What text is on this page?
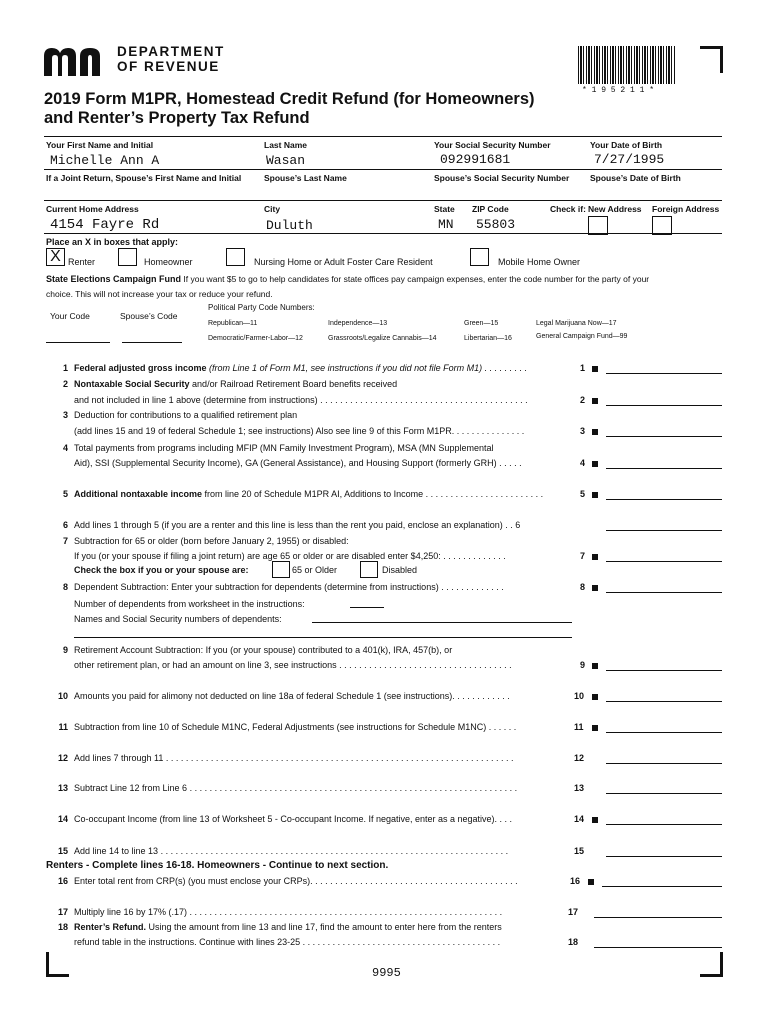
DEPARTMENT
OF REVENUE
* 1 9 5 2 1 1 *
2019 Form M1PR, Homestead Credit Refund (for Homeowners)
and Renter’s Property Tax Refund
Your First Name and Initial	Last Name	Your Social Security Number	Your Date of Birth
Michelle Ann A	Wasan	092991681	7/27/1995
If a Joint Return, Spouse’s First Name and Initial	Spouse’s Last Name	Spouse’s Social Security Number Spouse’s Date of Birth
Current Home Address	City	State ZIP Code	Check if: New Address Foreign Address
4154 Fayre Rd	Duluth	MN 55803
Place an X in boxes that apply:
X Renter	Homeowner	Nursing Home or Adult Foster Care Resident	Mobile Home Owner
State Elections Campaign Fund If you want $5 to go to help candidates for state offices pay campaign expenses, enter the code number for the party of your
choice. This will not increase your tax or reduce your refund.
Political Party Code Numbers:
Your Code	Spouse’s Code
Republican—11	Independence—13	Green—15	Legal Marijuana Now—17
Democratic/Farmer-Labor—12	Grassroots/Legalize Cannabis—14	Libertarian—16	General Campaign Fund—99
1 Federal adjusted gross income (from Line 1 of Form M1, see instructions if you did not file Form M1) . . . . . . . . .	1
2 Nontaxable Social Security and/or Railroad Retirement Board benefits received
and not included in line 1 above (determine from instructions) . . . . . . . . . . . . . . . . . . . . . . . . . . . . . . . . . . . . . . . . . .	2
3 Deduction for contributions to a qualified retirement plan
(add lines 15 and 19 of federal Schedule 1; see instructions) Also see line 9 of this Form M1PR. . . . . . . . . . . . . . .	3
4 Total payments from programs including MFIP (MN Family Investment Program), MSA (MN Supplemental
Aid), SSI (Supplemental Security Income), GA (General Assistance), and Housing Support (formerly GRH) . . . . .	4
5 Additional nontaxable income from line 20 of Schedule M1PR AI, Additions to Income . . . . . . . . . . . . . . . . . . . . . . . .	5
6 Add lines 1 through 5 (if you are a renter and this line is less than the rent you paid, enclose an explanation) . . 6
7 Subtraction for 65 or older (born before January 2, 1955) or disabled:
If you (or your spouse if filing a joint return) are age 65 or older or are disabled enter $4,250: . . . . . . . . . . . . .	7
Check the box if you or your spouse are:	65 or Older	Disabled
8 Dependent Subtraction: Enter your subtraction for dependents (determine from instructions) . . . . . . . . . . . . .	8
Number of dependents from worksheet in the instructions:
Names and Social Security numbers of dependents:
9 Retirement Account Subtraction: If you (or your spouse) contributed to a 401(k), IRA, 457(b), or
other retirement plan, or had an amount on line 3, see instructions . . . . . . . . . . . . . . . . . . . . . . . . . . . . . . . . . . .	9
10 Amounts you paid for alimony not deducted on line 18a of federal Schedule 1 (see instructions). . . . . . . . . . . .	10
11 Subtraction from line 10 of Schedule M1NC, Federal Adjustments (see instructions for Schedule M1NC) . . . . . .	11
12 Add lines 7 through 11 . . . . . . . . . . . . . . . . . . . . . . . . . . . . . . . . . . . . . . . . . . . . . . . . . . . . . . . . . . . . . . . . . . . . . .	12
13 Subtract Line 12 from Line 6 . . . . . . . . . . . . . . . . . . . . . . . . . . . . . . . . . . . . . . . . . . . . . . . . . . . . . . . . . . . . . . . . . .	13
14 Co-occupant Income (from line 13 of Worksheet 5 - Co-occupant Income. If negative, enter as a negative). . . .	14
15 Add line 14 to line 13 . . . . . . . . . . . . . . . . . . . . . . . . . . . . . . . . . . . . . . . . . . . . . . . . . . . . . . . . . . . . . . . . . . . . . .	15
Renters - Complete lines 16-18. Homeowners - Continue to next section.
16 Enter total rent from CRP(s) (you must enclose your CRPs). . . . . . . . . . . . . . . . . . . . . . . . . . . . . . . . . . . . . . . . . .	16
17 Multiply line 16 by 17% (.17) . . . . . . . . . . . . . . . . . . . . . . . . . . . . . . . . . . . . . . . . . . . . . . . . . . . . . . . . . . . . . . .	17
18 Renter’s Refund. Using the amount from line 13 and line 17, find the amount to enter here from the renters
refund table in the instructions. Continue with lines 23-25 . . . . . . . . . . . . . . . . . . . . . . . . . . . . . . . . . . . . . . . .	18
9995
